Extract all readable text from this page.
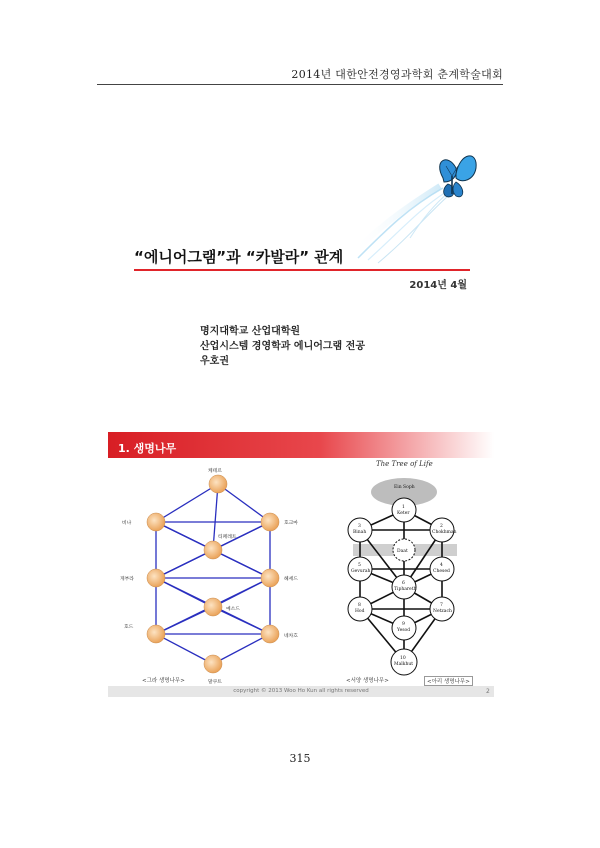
2014년 대한안전경영과학회 춘계학술대회
“에니어그램”과 “카발라” 관계
2014년 4월
명지대학교 산업대학원
산업시스템 경영학과 에니어그램 전공
우호권
케테르
비나	호크마
티페레트
게부라	헤세드
예소드
호드
네차흐
말쿠트
Ein Soph
1
Keter
2
Chokhmah
3
Binah
Daat
4
Chesed
5
Gevurah
6
Tiphareth
7
Netzach
8
Hod
9
Yesod
10
Malkhut
1. 생명나무
The Tree of Life
<그라 생명나무>	<서양 생명나무>	<아리 생명나무>
copyright © 2013 Woo Ho Kun all rights reserved	2
315
